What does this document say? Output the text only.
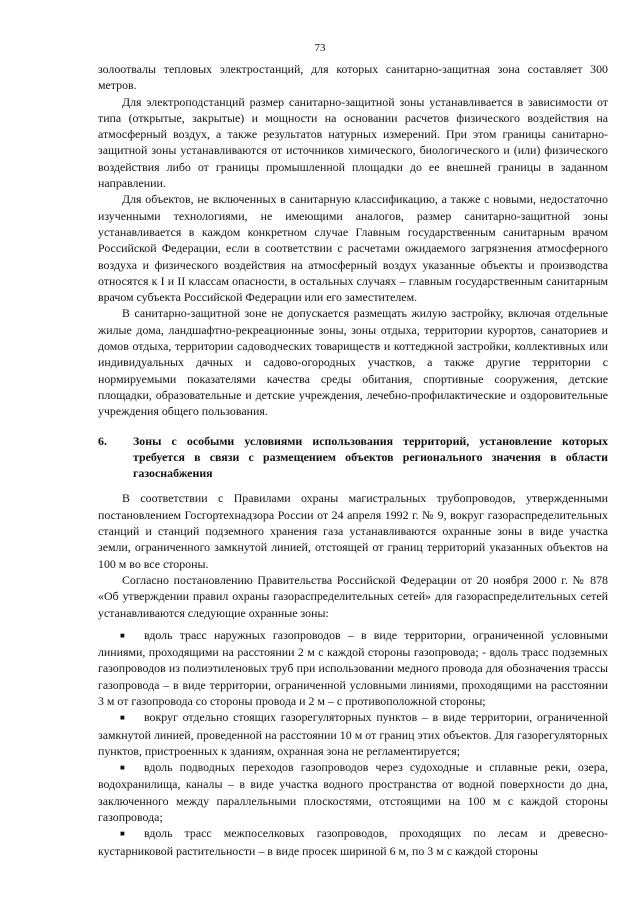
73

золоотвалы тепловых электростанций, для которых санитарно-защитная зона составляет 300 метров.

Для электроподстанций размер санитарно-защитной зоны устанавливается в зависимости от типа (открытые, закрытые) и мощности на основании расчетов физического воздействия на атмосферный воздух, а также результатов натурных измерений. При этом границы санитарно-защитной зоны устанавливаются от источников химического, биологического и (или) физического воздействия либо от границы промышленной площадки до ее внешней границы в заданном направлении.

Для объектов, не включенных в санитарную классификацию, а также с новыми, недостаточно изученными технологиями, не имеющими аналогов, размер санитарно-защитной зоны устанавливается в каждом конкретном случае Главным государственным санитарным врачом Российской Федерации, если в соответствии с расчетами ожидаемого загрязнения атмосферного воздуха и физического воздействия на атмосферный воздух указанные объекты и производства относятся к I и II классам опасности, в остальных случаях – главным государственным санитарным врачом субъекта Российской Федерации или его заместителем.

В санитарно-защитной зоне не допускается размещать жилую застройку, включая отдельные жилые дома, ландшафтно-рекреационные зоны, зоны отдыха, территории курортов, санаториев и домов отдыха, территории садоводческих товариществ и коттеджной застройки, коллективных или индивидуальных дачных и садово-огородных участков, а также другие территории с нормируемыми показателями качества среды обитания, спортивные сооружения, детские площадки, образовательные и детские учреждения, лечебно-профилактические и оздоровительные учреждения общего пользования.

6.	Зоны с особыми условиями использования территорий, установление которых требуется в связи с размещением объектов регионального значения в области газоснабжения

В соответствии с Правилами охраны магистральных трубопроводов, утвержденными постановлением Госгортехнадзора России от 24 апреля 1992 г. № 9, вокруг газораспределительных станций и станций подземного хранения газа устанавливаются охранные зоны в виде участка земли, ограниченного замкнутой линией, отстоящей от границ территорий указанных объектов на 100 м во все стороны.

Согласно постановлению Правительства Российской Федерации от 20 ноября 2000 г. № 878 «Об утверждении правил охраны газораспределительных сетей» для газораспределительных сетей устанавливаются следующие охранные зоны:

■ вдоль трасс наружных газопроводов – в виде территории, ограниченной условными линиями, проходящими на расстоянии 2 м с каждой стороны газопровода; - вдоль трасс подземных газопроводов из полиэтиленовых труб при использовании медного провода для обозначения трассы газопровода – в виде территории, ограниченной условными линиями, проходящими на расстоянии 3 м от газопровода со стороны провода и 2 м – с противоположной стороны;

■ вокруг отдельно стоящих газорегуляторных пунктов – в виде территории, ограниченной замкнутой линией, проведенной на расстоянии 10 м от границ этих объектов. Для газорегуляторных пунктов, пристроенных к зданиям, охранная зона не регламентируется;

■ вдоль подводных переходов газопроводов через судоходные и сплавные реки, озера, водохранилища, каналы – в виде участка водного пространства от водной поверхности до дна, заключенного между параллельными плоскостями, отстоящими на 100 м с каждой стороны газопровода;

■ вдоль трасс межпоселковых газопроводов, проходящих по лесам и древесно-кустарниковой растительности – в виде просек шириной 6 м, по 3 м с каждой стороны
